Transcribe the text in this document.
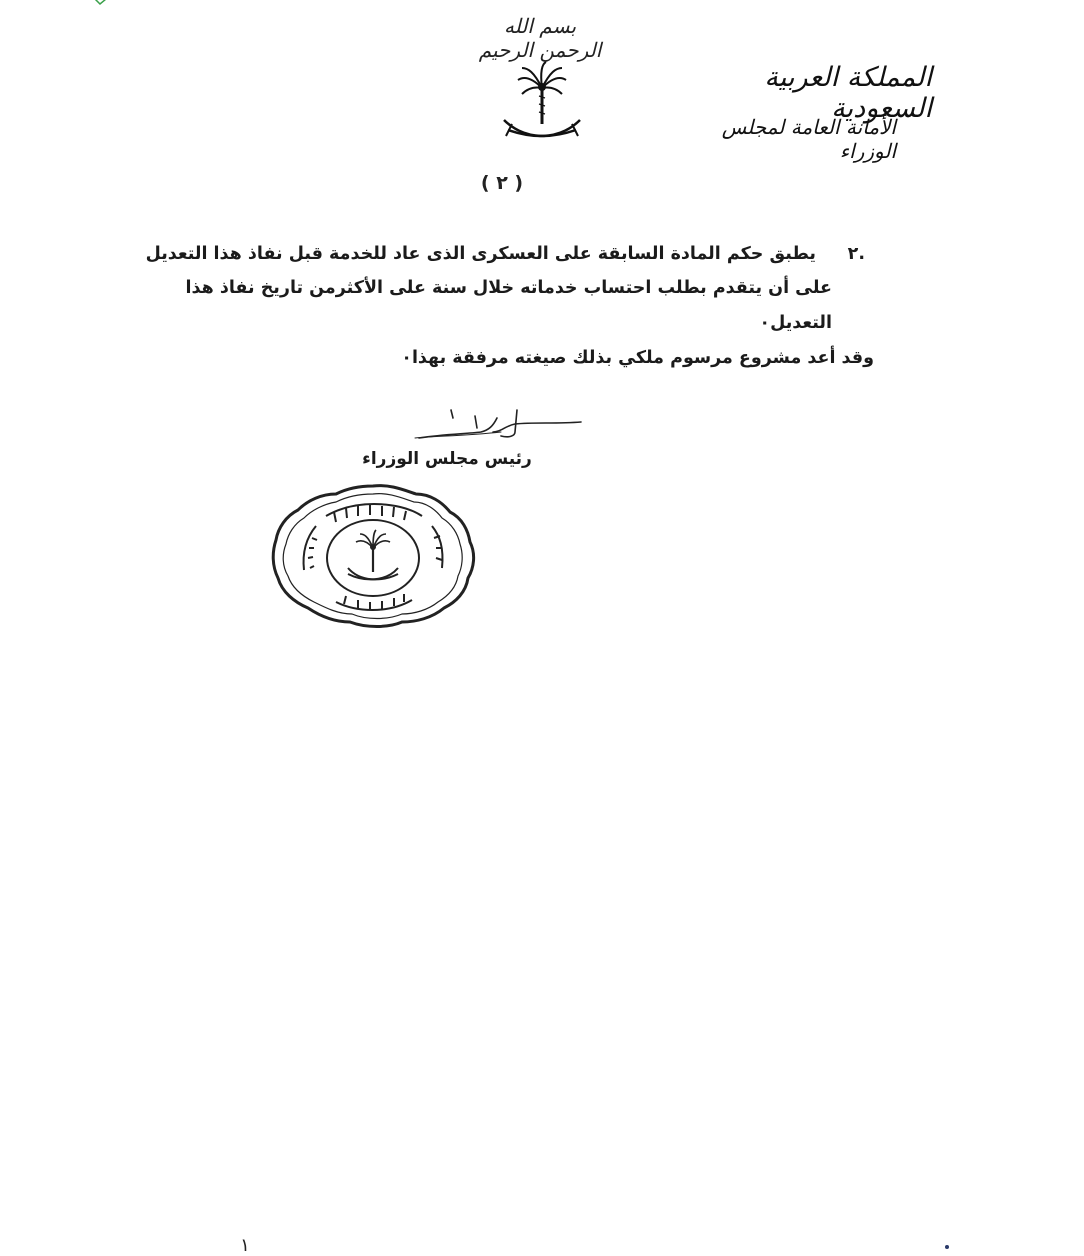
بسم الله الرحمن الرحيم
المملكة العربية السعودية
الأمانة العامة لمجلس الوزراء
( ٢ )
٢.
يطبق حكم المادة السابقة على العسكرى الذى عاد للخدمة قبل نفاذ هذا التعديل
على أن يتقدم بطلب احتساب خدماته خلال سنة على الأكثرمن تاريخ نفاذ هذا
التعديل٠
وقد أعد مشروع مرسوم ملكي بذلك صيغته مرفقة بهذا٠
رئيس مجلس الوزراء
١
